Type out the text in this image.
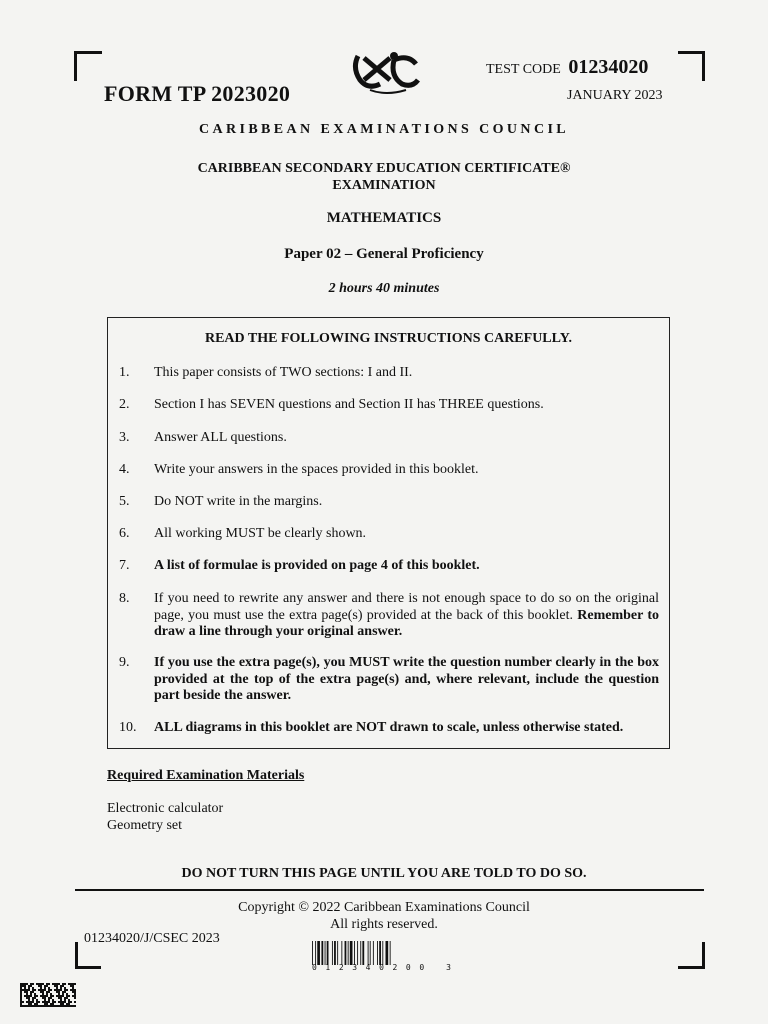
FORM TP 2023020
TEST CODE 01234020
JANUARY 2023
CARIBBEAN EXAMINATIONS COUNCIL
CARIBBEAN SECONDARY EDUCATION CERTIFICATE®
EXAMINATION
MATHEMATICS
Paper 02 – General Proficiency
2 hours 40 minutes
READ THE FOLLOWING INSTRUCTIONS CAREFULLY.
1. This paper consists of TWO sections: I and II.
2. Section I has SEVEN questions and Section II has THREE questions.
3. Answer ALL questions.
4. Write your answers in the spaces provided in this booklet.
5. Do NOT write in the margins.
6. All working MUST be clearly shown.
7. A list of formulae is provided on page 4 of this booklet.
8. If you need to rewrite any answer and there is not enough space to do so on the original page, you must use the extra page(s) provided at the back of this booklet. Remember to draw a line through your original answer.
9. If you use the extra page(s), you MUST write the question number clearly in the box provided at the top of the extra page(s) and, where relevant, include the question part beside the answer.
10. ALL diagrams in this booklet are NOT drawn to scale, unless otherwise stated.
Required Examination Materials
Electronic calculator
Geometry set
DO NOT TURN THIS PAGE UNTIL YOU ARE TOLD TO DO SO.
Copyright © 2022 Caribbean Examinations Council
All rights reserved.
01234020/J/CSEC 2023
012340200 3
